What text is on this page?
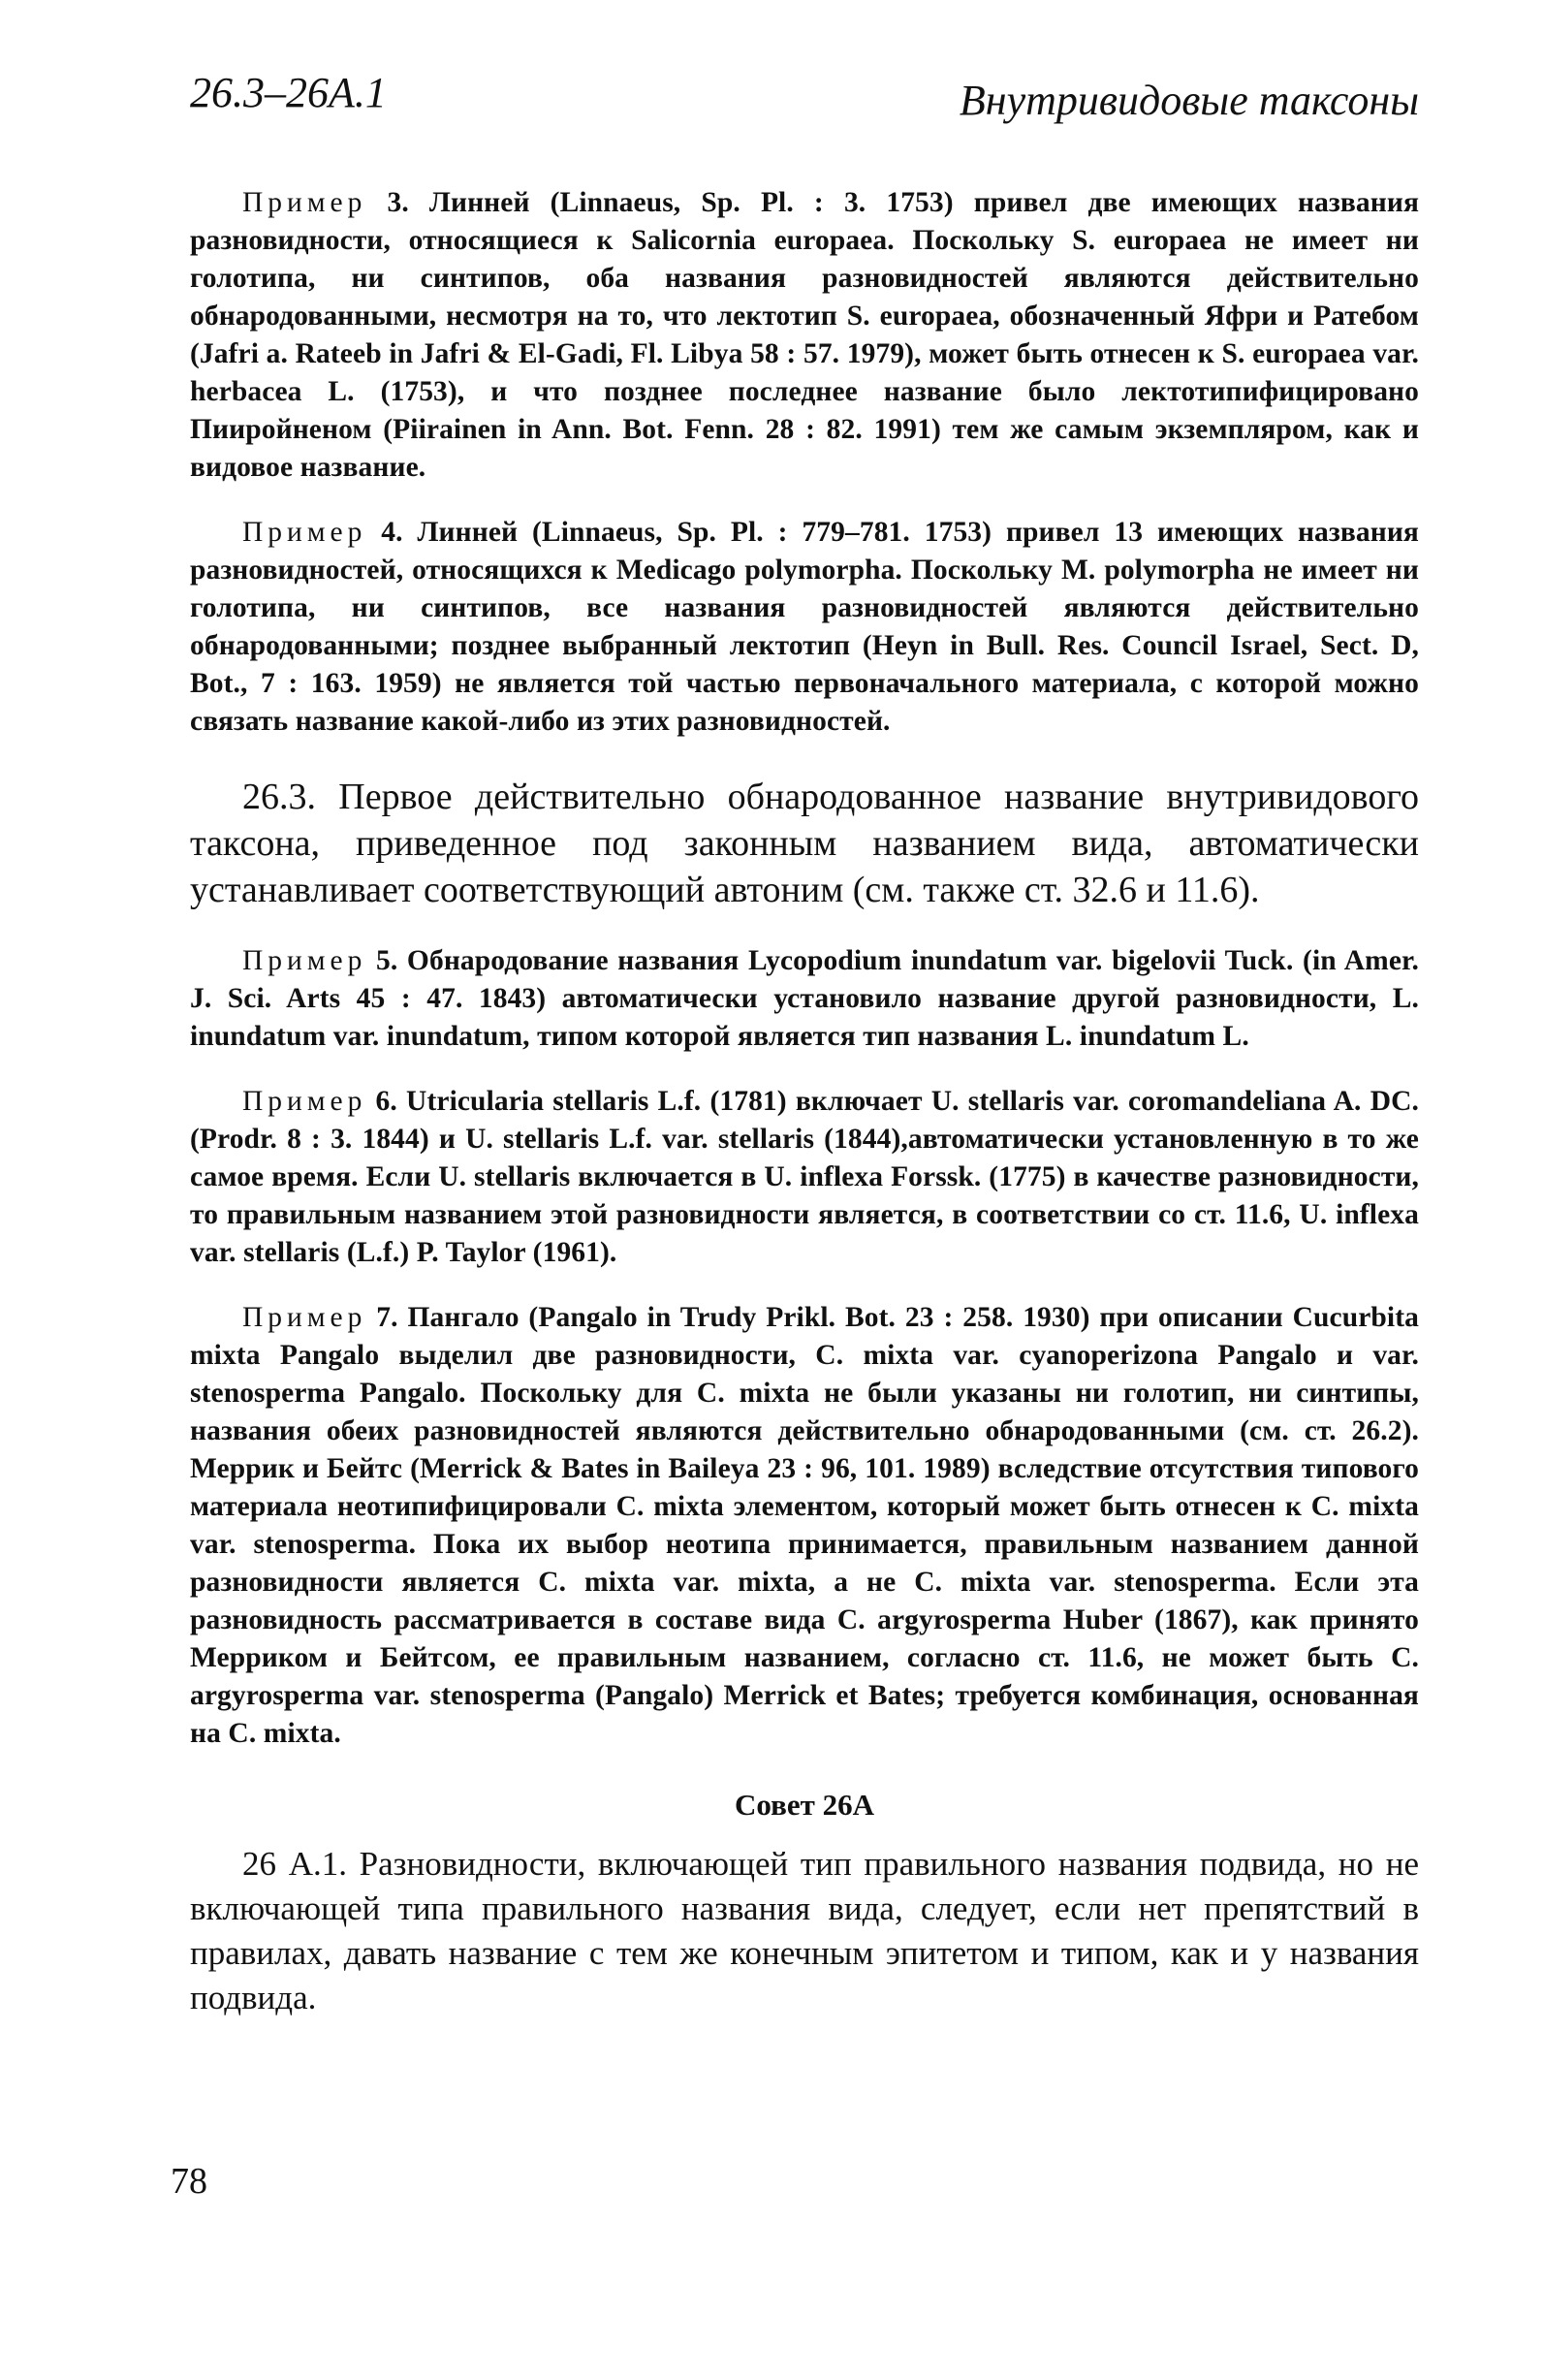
26.3–26A.1	Внутривидовые таксоны

Пример 3. Линней (Linnaeus, Sp. Pl. : 3. 1753) привел две имеющих названия разновидности, относящиеся к Salicornia europaea. Поскольку S. europaea не имеет ни голотипа, ни синтипов, оба названия разновидностей являются действительно обнародованными, несмотря на то, что лектотип S. europaea, обозначенный Яфри и Ратебом (Jafri a. Rateeb in Jafri & El-Gadi, Fl. Libya 58 : 57. 1979), может быть отнесен к S. europaea var. herbacea L. (1753), и что позднее последнее название было лектотипифицировано Пииройненом (Piirainen in Ann. Bot. Fenn. 28 : 82. 1991) тем же самым экземпляром, как и видовое название.

Пример 4. Линней (Linnaeus, Sp. Pl. : 779–781. 1753) привел 13 имеющих названия разновидностей, относящихся к Medicago polymorpha. Поскольку M. polymorpha не имеет ни голотипа, ни синтипов, все названия разновидностей являются действительно обнародованными; позднее выбранный лектотип (Heyn in Bull. Res. Council Israel, Sect. D, Bot., 7 : 163. 1959) не является той частью первоначального материала, с которой можно связать название какой-либо из этих разновидностей.

26.3. Первое действительно обнародованное название внутривидового таксона, приведенное под законным названием вида, автоматически устанавливает соответствующий автоним (см. также ст. 32.6 и 11.6).

Пример 5. Обнародование названия Lycopodium inundatum var. bigelovii Tuck. (in Amer. J. Sci. Arts 45 : 47. 1843) автоматически установило название другой разновидности, L. inundatum var. inundatum, типом которой является тип названия L. inundatum L.

Пример 6. Utricularia stellaris L.f. (1781) включает U. stellaris var. coromandeliana A. DC. (Prodr. 8 : 3. 1844) и U. stellaris L.f. var. stellaris (1844),автоматически установленную в то же самое время. Если U. stellaris включается в U. inflexa Forssk. (1775) в качестве разновидности, то правильным названием этой разновидности является, в соответствии со ст. 11.6, U. inflexa var. stellaris (L.f.) P. Taylor (1961).

Пример 7. Пангало (Pangalo in Trudy Prikl. Bot. 23 : 258. 1930) при описании Cucurbita mixta Pangalo выделил две разновидности, C. mixta var. cyanoperizona Pangalo и var. stenosperma Pangalo. Поскольку для C. mixta не были указаны ни голотип, ни синтипы, названия обеих разновидностей являются действительно обнародованными (см. ст. 26.2). Меррик и Бейтс (Merrick & Bates in Baileya 23 : 96, 101. 1989) вследствие отсутствия типового материала неотипифицировали C. mixta элементом, который может быть отнесен к C. mixta var. stenosperma. Пока их выбор неотипа принимается, правильным названием данной разновидности является C. mixta var. mixta, а не C. mixta var. stenosperma. Если эта разновидность рассматривается в составе вида C. argyrosperma Huber (1867), как принято Мерриком и Бейтсом, ее правильным названием, согласно ст. 11.6, не может быть C. argyrosperma var. stenosperma (Pangalo) Merrick et Bates; требуется комбинация, основанная на C. mixta.

Совет 26А

26 А.1. Разновидности, включающей тип правильного названия подвида, но не включающей типа правильного названия вида, следует, если нет препятствий в правилах, давать название с тем же конечным эпитетом и типом, как и у названия подвида.

78
